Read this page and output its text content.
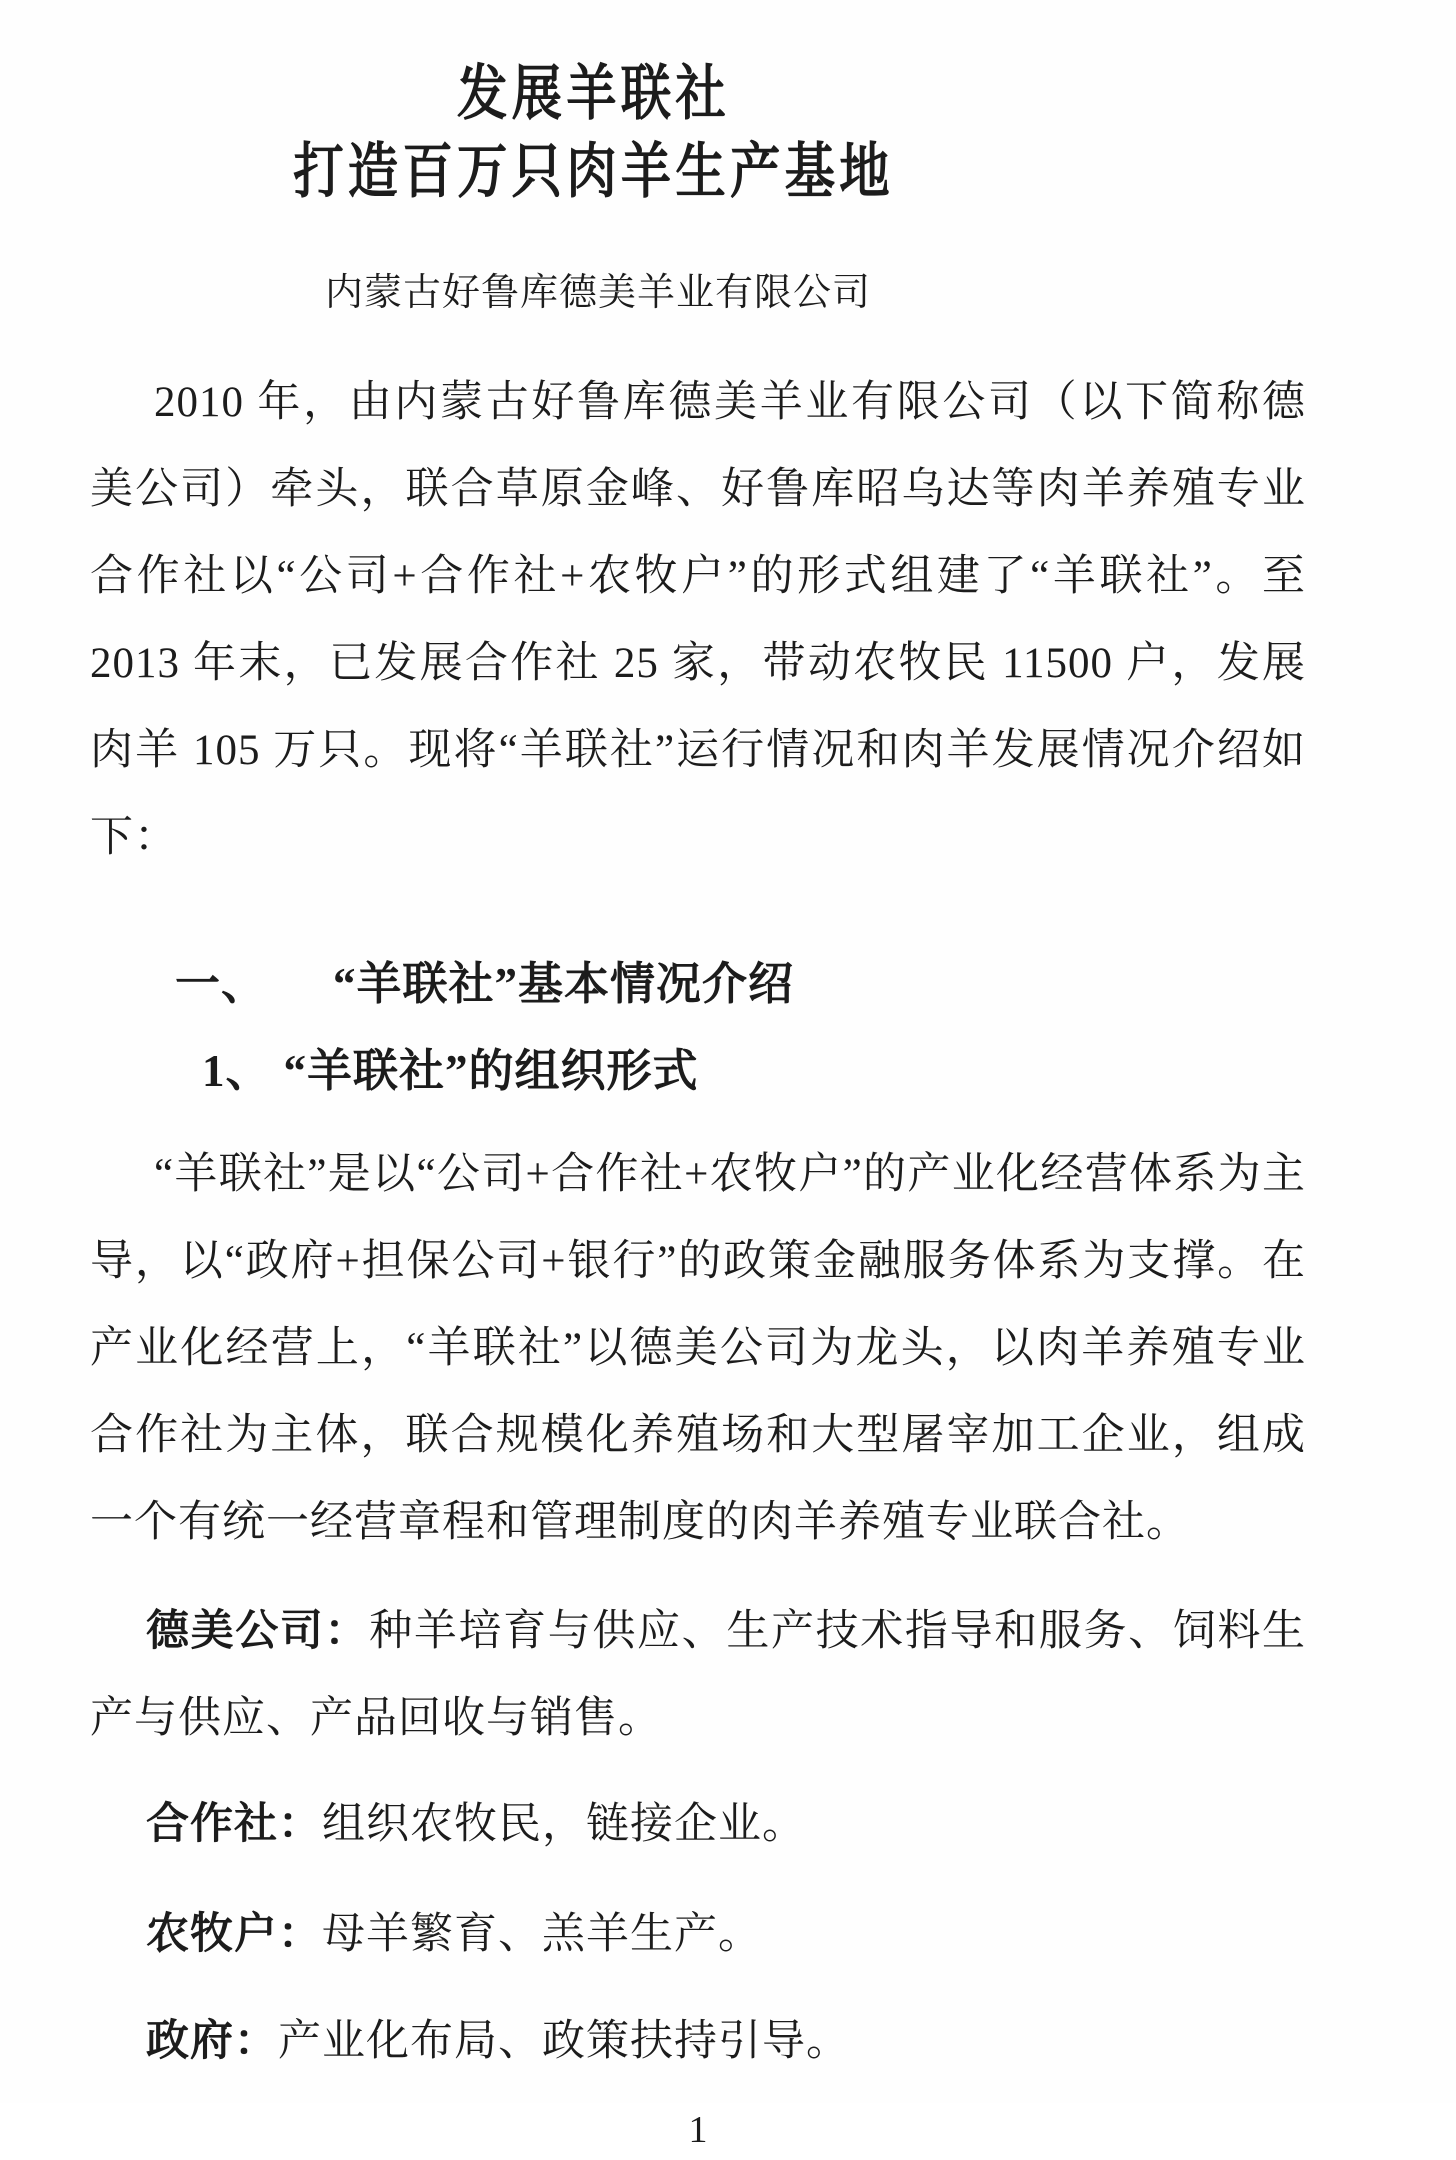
发展羊联社
打造百万只肉羊生产基地
内蒙古好鲁库德美羊业有限公司
2010 年，由内蒙古好鲁库德美羊业有限公司（以下简称德美公司）牵头，联合草原金峰、好鲁库昭乌达等肉羊养殖专业合作社以“公司+合作社+农牧户”的形式组建了“羊联社”。至 2013 年末，已发展合作社 25 家，带动农牧民 11500 户，发展肉羊 105 万只。现将“羊联社”运行情况和肉羊发展情况介绍如下：
一、 “羊联社”基本情况介绍
1、 “羊联社”的组织形式
“羊联社”是以“公司+合作社+农牧户”的产业化经营体系为主导，以“政府+担保公司+银行”的政策金融服务体系为支撑。在产业化经营上，“羊联社”以德美公司为龙头，以肉羊养殖专业合作社为主体，联合规模化养殖场和大型屠宰加工企业，组成一个有统一经营章程和管理制度的肉羊养殖专业联合社。
德美公司：种羊培育与供应、生产技术指导和服务、饲料生产与供应、产品回收与销售。
合作社：组织农牧民，链接企业。
农牧户：母羊繁育、羔羊生产。
政府：产业化布局、政策扶持引导。
1
